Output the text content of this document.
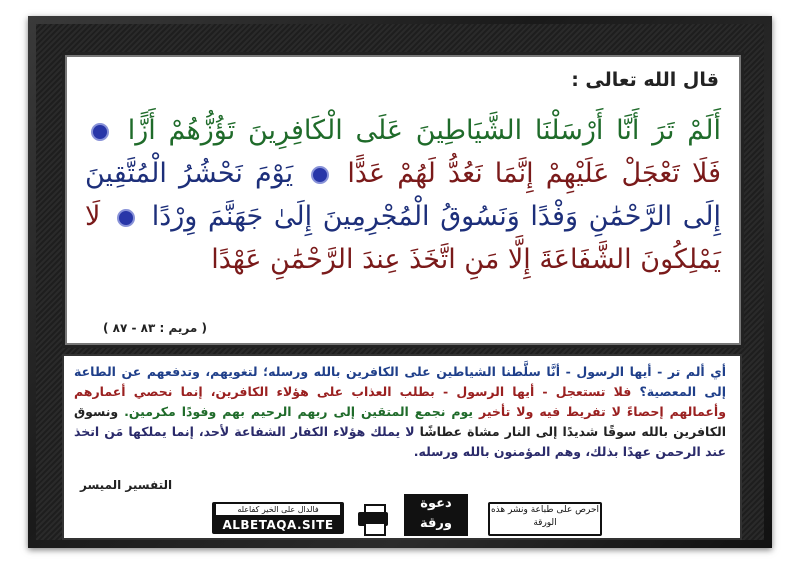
قال الله تعالى :
أَلَمْ تَرَ أَنَّا أَرْسَلْنَا الشَّيَاطِينَ عَلَى الْكَافِرِينَ تَؤُزُّهُمْ أَزًّا  فَلَا تَعْجَلْ عَلَيْهِمْ إِنَّمَا نَعُدُّ لَهُمْ عَدًّا  يَوْمَ نَحْشُرُ الْمُتَّقِينَ إِلَى الرَّحْمَٰنِ وَفْدًا وَنَسُوقُ الْمُجْرِمِينَ إِلَىٰ جَهَنَّمَ وِرْدًا  لَا يَمْلِكُونَ الشَّفَاعَةَ إِلَّا مَنِ اتَّخَذَ عِندَ الرَّحْمَٰنِ عَهْدًا
( مريم : ٨٣ - ٨٧ )
أي ألم تر - أيها الرسول - أنَّا سلَّطنا الشياطين على الكافرين بالله ورسله؛ لتغويهم، وتدفعهم عن الطاعة إلى المعصية؟ فلا تستعجل - أيها الرسول - بطلب العذاب على هؤلاء الكافرين، إنما نحصي أعمارهم وأعمالهم إحصاءً لا تفريط فيه ولا تأخير يوم نجمع المتقين إلى ربهم الرحيم بهم وفودًا مكرمين. ونسوق الكافرين بالله سوقًا شديدًا إلى النار مشاة عطاشًا لا يملك هؤلاء الكفار الشفاعة لأحد، إنما يملكها مَن اتخذ عند الرحمن عهدًا بذلك، وهم المؤمنون بالله ورسله.
التفسير الميسر
فالدال على الخير كفاعله
ALBETAQA.SITE
دعوة ورقة
احرص على طباعة ونشر هذه الورقة
